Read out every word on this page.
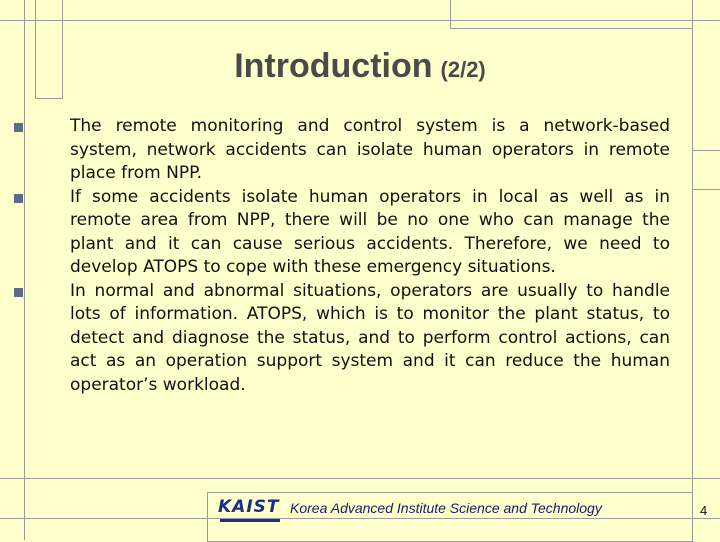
Introduction (2/2)
The remote monitoring and control system is a network-based system, network accidents can isolate human operators in remote place from NPP.
If some accidents isolate human operators in local as well as in remote area from NPP, there will be no one who can manage the plant and it can cause serious accidents. Therefore, we need to develop ATOPS to cope with these emergency situations.
In normal and abnormal situations, operators are usually to handle lots of information. ATOPS, which is to monitor the plant status, to detect and diagnose the status, and to perform control actions, can act as an operation support system and it can reduce the human operator’s workload.
KAIST Korea Advanced Institute Science and Technology	4
